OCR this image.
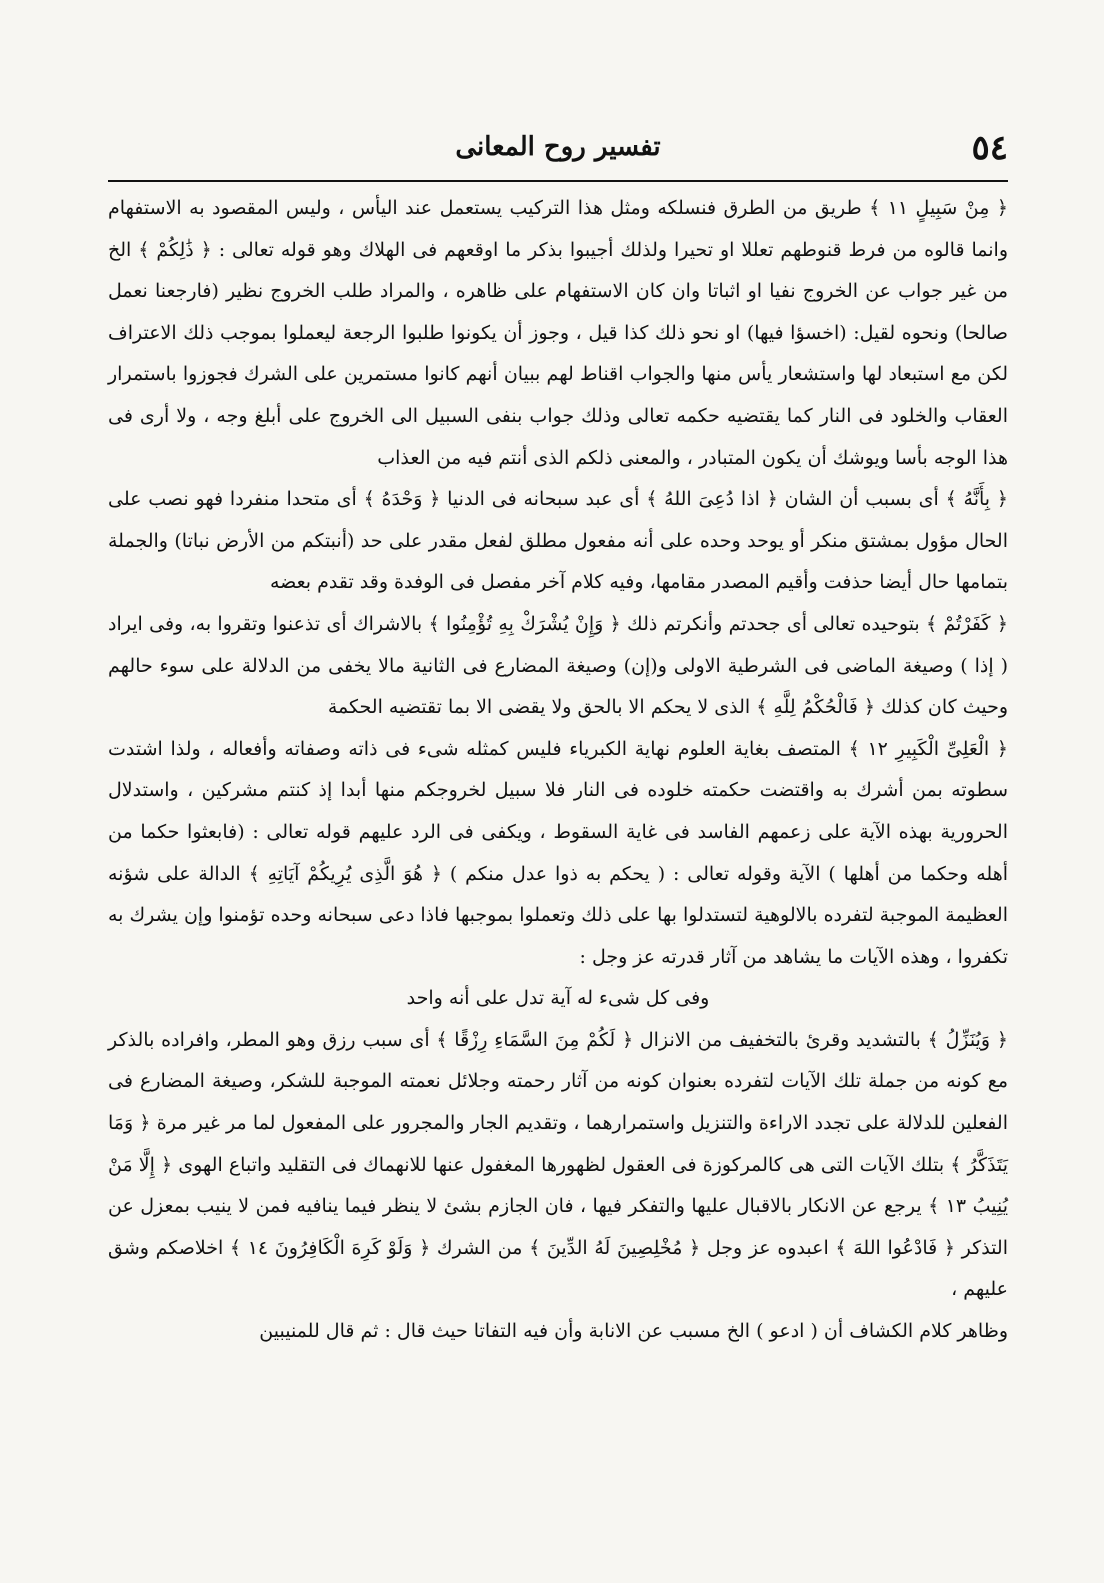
٥٤
تفسير روح المعانى

﴿ مِنْ سَبِيلٍ ١١ ﴾ طريق من الطرق فنسلكه ومثل هذا التركيب يستعمل عند اليأس ، وليس المقصود به الاستفهام وانما قالوه من فرط قنوطهم تعللا او تحيرا ولذلك أجيبوا بذكر ما اوقعهم فى الهلاك وهو قوله تعالى : ﴿ ذَٰلِكُمْ ﴾ الخ من غير جواب عن الخروج نفيا او اثباتا وان كان الاستفهام على ظاهره ، والمراد طلب الخروج نظير (فارجعنا نعمل صالحا) ونحوه لقيل: (اخسؤا فيها) او نحو ذلك كذا قيل ، وجوز أن يكونوا طلبوا الرجعة ليعملوا بموجب ذلك الاعتراف لكن مع استبعاد لها واستشعار يأس منها والجواب اقناط لهم ببيان أنهم كانوا مستمرين على الشرك فجوزوا باستمرار العقاب والخلود فى النار كما يقتضيه حكمه تعالى وذلك جواب بنفى السبيل الى الخروج على أبلغ وجه ، ولا أرى فى هذا الوجه بأسا ويوشك أن يكون المتبادر ، والمعنى ذلكم الذى أنتم فيه من العذاب

﴿ بِأَنَّهُ ﴾ أى بسبب أن الشان ﴿ اذا دُعِىَ اللهُ ﴾ أى عبد سبحانه فى الدنيا ﴿ وَحْدَهُ ﴾ أى متحدا منفردا فهو نصب على الحال مؤول بمشتق منكر أو يوحد وحده على أنه مفعول مطلق لفعل مقدر على حد (أنبتكم من الأرض نباتا) والجملة بتمامها حال أيضا حذفت وأقيم المصدر مقامها، وفيه كلام آخر مفصل فى الوفدة وقد تقدم بعضه

﴿ كَفَرْتُمْ ﴾ بتوحيده تعالى أى جحدتم وأنكرتم ذلك ﴿ وَإِنْ يُشْرَكْ بِهِ تُؤْمِنُوا ﴾ بالاشراك أى تذعنوا وتقروا به، وفى ايراد ( إذا ) وصيغة الماضى فى الشرطية الاولى و(إن) وصيغة المضارع فى الثانية مالا يخفى من الدلالة على سوء حالهم وحيث كان كذلك ﴿ فَالْحُكْمُ لِلَّهِ ﴾ الذى لا يحكم الا بالحق ولا يقضى الا بما تقتضيه الحكمة

﴿ الْعَلِىِّ الْكَبِيرِ ١٢ ﴾ المتصف بغاية العلوم نهاية الكبرياء فليس كمثله شىء فى ذاته وصفاته وأفعاله ، ولذا اشتدت سطوته بمن أشرك به واقتضت حكمته خلوده فى النار فلا سبيل لخروجكم منها أبدا إذ كنتم مشركين ، واستدلال الحرورية بهذه الآية على زعمهم الفاسد فى غاية السقوط ، ويكفى فى الرد عليهم قوله تعالى : (فابعثوا حكما من أهله وحكما من أهلها ) الآية وقوله تعالى : ( يحكم به ذوا عدل منكم ) ﴿ هُوَ الَّذِى يُرِيكُمْ آيَاتِهِ ﴾ الدالة على شؤنه العظيمة الموجبة لتفرده بالالوهية لتستدلوا بها على ذلك وتعملوا بموجبها فاذا دعى سبحانه وحده تؤمنوا وإن يشرك به تكفروا ، وهذه الآيات ما يشاهد من آثار قدرته عز وجل :

وفى كل شىء له آية تدل على أنه واحد

﴿ وَيُنَزِّلُ ﴾ بالتشديد وقرئ بالتخفيف من الانزال ﴿ لَكُمْ مِنَ السَّمَاءِ رِزْقًا ﴾ أى سبب رزق وهو المطر، وافراده بالذكر مع كونه من جملة تلك الآيات لتفرده بعنوان كونه من آثار رحمته وجلائل نعمته الموجبة للشكر، وصيغة المضارع فى الفعلين للدلالة على تجدد الاراءة والتنزيل واستمرارهما ، وتقديم الجار والمجرور على المفعول لما مر غير مرة ﴿ وَمَا يَتَذَكَّرُ ﴾ بتلك الآيات التى هى كالمركوزة فى العقول لظهورها المغفول عنها للانهماك فى التقليد واتباع الهوى ﴿ إِلَّا مَنْ يُنِيبُ ١٣ ﴾ يرجع عن الانكار بالاقبال عليها والتفكر فيها ، فان الجازم بشئ لا ينظر فيما ينافيه فمن لا ينيب بمعزل عن التذكر ﴿ فَادْعُوا اللهَ ﴾ اعبدوه عز وجل ﴿ مُخْلِصِينَ لَهُ الدِّينَ ﴾ من الشرك ﴿ وَلَوْ كَرِهَ الْكَافِرُونَ ١٤ ﴾ اخلاصكم وشق عليهم ،

وظاهر كلام الكشاف أن ( ادعو ) الخ مسبب عن الانابة وأن فيه التفاتا حيث قال : ثم قال للمنيبين
